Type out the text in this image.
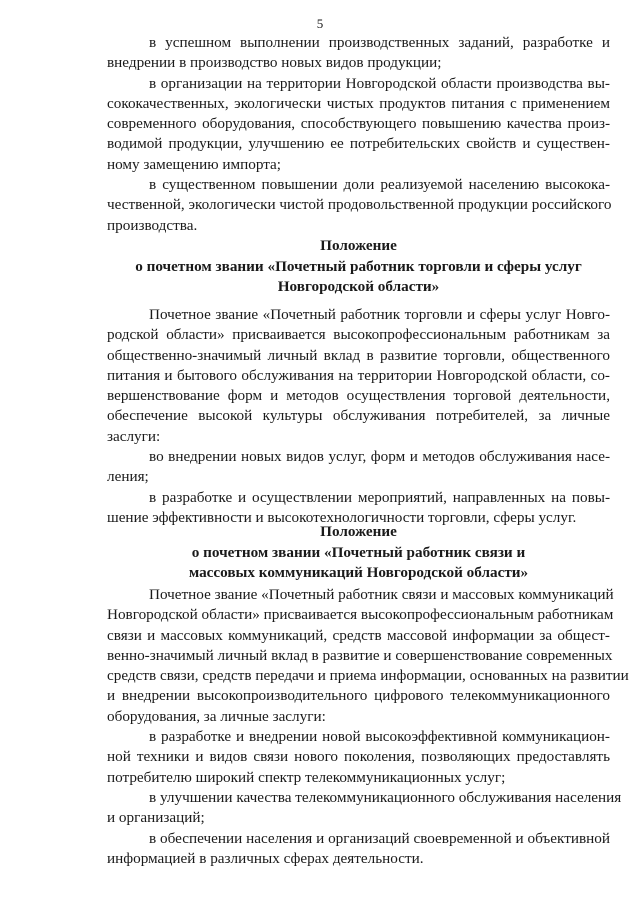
5
в успешном выполнении производственных заданий, разработке и
внедрении в производство новых видов продукции;
в организации на территории Новгородской области производства вы-
сококачественных, экологически чистых продуктов питания с применением
современного оборудования, способствующего повышению качества произ-
водимой продукции, улучшению ее потребительских свойств и существен-
ному замещению импорта;
в существенном повышении доли реализуемой населению высокока-
чественной, экологически чистой продовольственной продукции российского
производства.
Положение
о почетном звании «Почетный работник торговли и сферы услуг
Новгородской области»
Почетное звание «Почетный работник торговли и сферы услуг Новго-
родской области» присваивается высокопрофессиональным работникам за
общественно-значимый личный вклад в развитие торговли, общественного
питания и бытового обслуживания на территории Новгородской области, со-
вершенствование форм и методов осуществления торговой деятельности,
обеспечение высокой культуры обслуживания потребителей, за личные
заслуги:
во внедрении новых видов услуг, форм и методов обслуживания насе-
ления;
в разработке и осуществлении мероприятий, направленных на повы-
шение эффективности и высокотехнологичности торговли, сферы услуг.
Положение
о почетном звании «Почетный работник связи и
массовых коммуникаций Новгородской области»
Почетное звание «Почетный работник связи и массовых коммуникаций
Новгородской области» присваивается высокопрофессиональным работникам
связи и массовых коммуникаций, средств массовой информации за общест-
венно-значимый личный вклад в развитие и совершенствование современных
средств связи, средств передачи и приема информации, основанных на развитии
и внедрении высокопроизводительного цифрового телекоммуникационного
оборудования, за личные заслуги:
в разработке и внедрении новой высокоэффективной коммуникацион-
ной техники и видов связи нового поколения, позволяющих предоставлять
потребителю широкий спектр телекоммуникационных услуг;
в улучшении качества телекоммуникационного обслуживания населения
и организаций;
в обеспечении населения и организаций своевременной и объективной
информацией в различных сферах деятельности.
